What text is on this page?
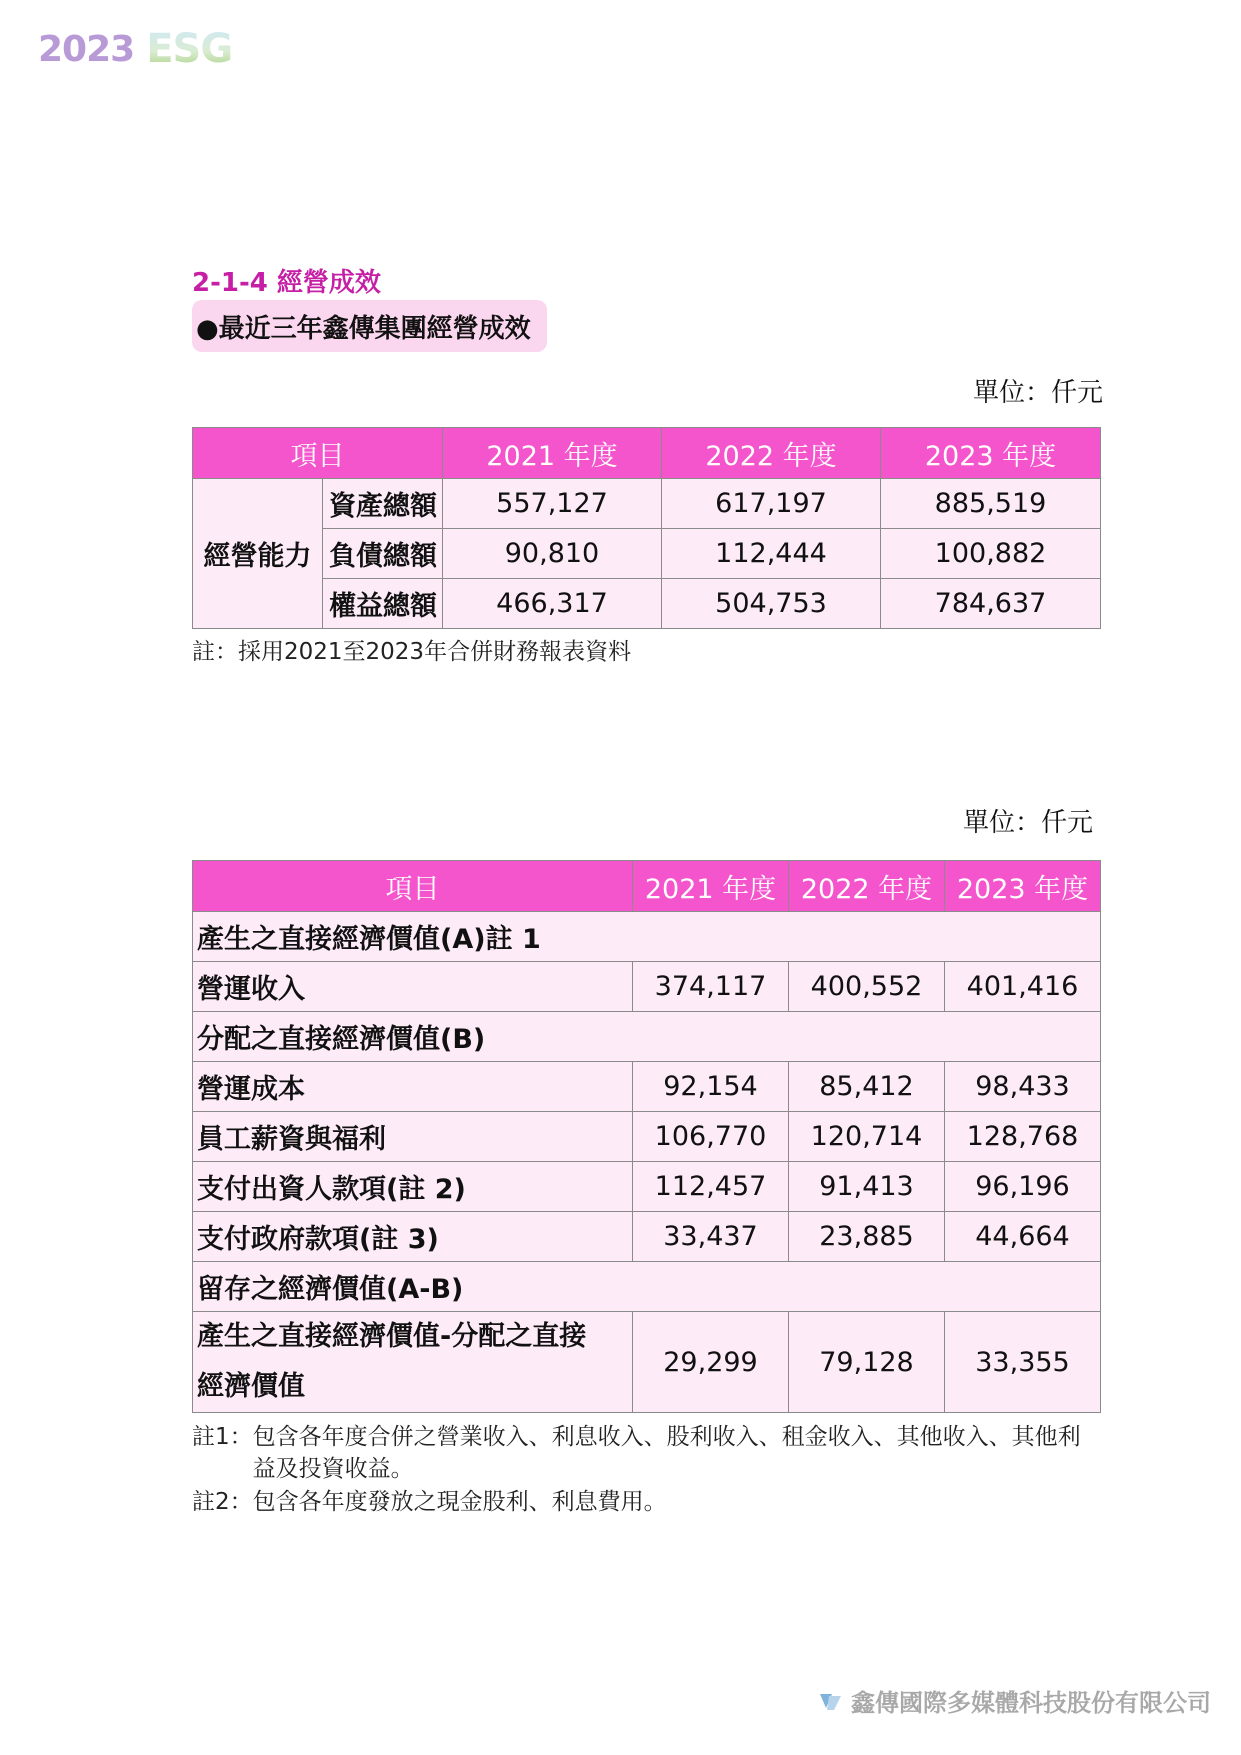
2023 ESG
2-1-4 經營成效
●最近三年鑫傳集團經營成效
單位：仟元
項目		2021 年度	2022 年度	2023 年度
經營能力	資產總額	557,127	617,197	885,519
	負債總額	90,810	112,444	100,882
	權益總額	466,317	504,753	784,637
註：採用2021至2023年合併財務報表資料
單位：仟元
項目	2021 年度	2022 年度	2023 年度
產生之直接經濟價值(A)註 1			
營運收入	374,117	400,552	401,416
分配之直接經濟價值(B)			
營運成本	92,154	85,412	98,433
員工薪資與福利	106,770	120,714	128,768
支付出資人款項(註 2)	112,457	91,413	96,196
支付政府款項(註 3)	33,437	23,885	44,664
留存之經濟價值(A-B)			

產生之直接經濟價值-分配之直接
經濟價值	29,299	79,128	33,355
註1： 包含各年度合併之營業收入、利息收入、股利收入、租金收入、其他收入、其他利益及投資收益。
註2： 包含各年度發放之現金股利、利息費用。
鑫傳國際多媒體科技股份有限公司
